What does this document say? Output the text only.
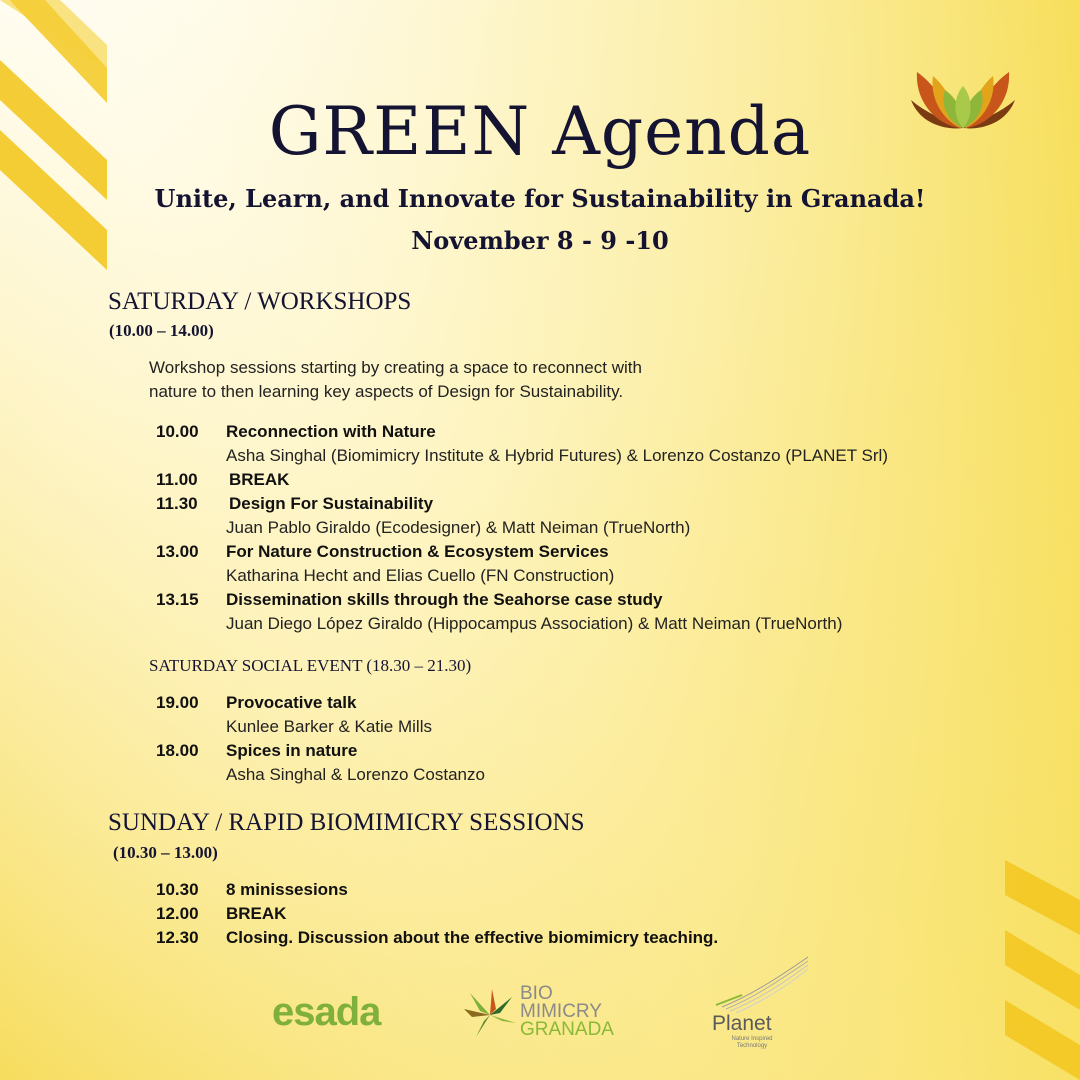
GREEN Agenda
Unite, Learn, and Innovate for Sustainability in Granada!
November 8 - 9 -10
SATURDAY / WORKSHOPS
(10.00 – 14.00)
Workshop sessions starting by creating a space to reconnect with
nature to then learning key aspects of Design for Sustainability.
10.00 Reconnection with Nature
Asha Singhal (Biomimicry Institute & Hybrid Futures) & Lorenzo Costanzo (PLANET Srl)
11.00 BREAK
11.30 Design For Sustainability
Juan Pablo Giraldo (Ecodesigner) & Matt Neiman (TrueNorth)
13.00 For Nature Construction & Ecosystem Services
Katharina Hecht and Elias Cuello (FN Construction)
13.15 Dissemination skills through the Seahorse case study
Juan Diego López Giraldo (Hippocampus Association) & Matt Neiman (TrueNorth)
SATURDAY SOCIAL EVENT (18.30 – 21.30)
19.00 Provocative talk
Kunlee Barker & Katie Mills
18.00 Spices in nature
Asha Singhal & Lorenzo Costanzo
SUNDAY / RAPID BIOMIMICRY SESSIONS
(10.30 – 13.00)
10.30 8 minissesions
12.00 BREAK
12.30 Closing. Discussion about the effective biomimicry teaching.
esada	BIO
MIMICRY
GRANADA	Planet
Nature Inspired
Technology
